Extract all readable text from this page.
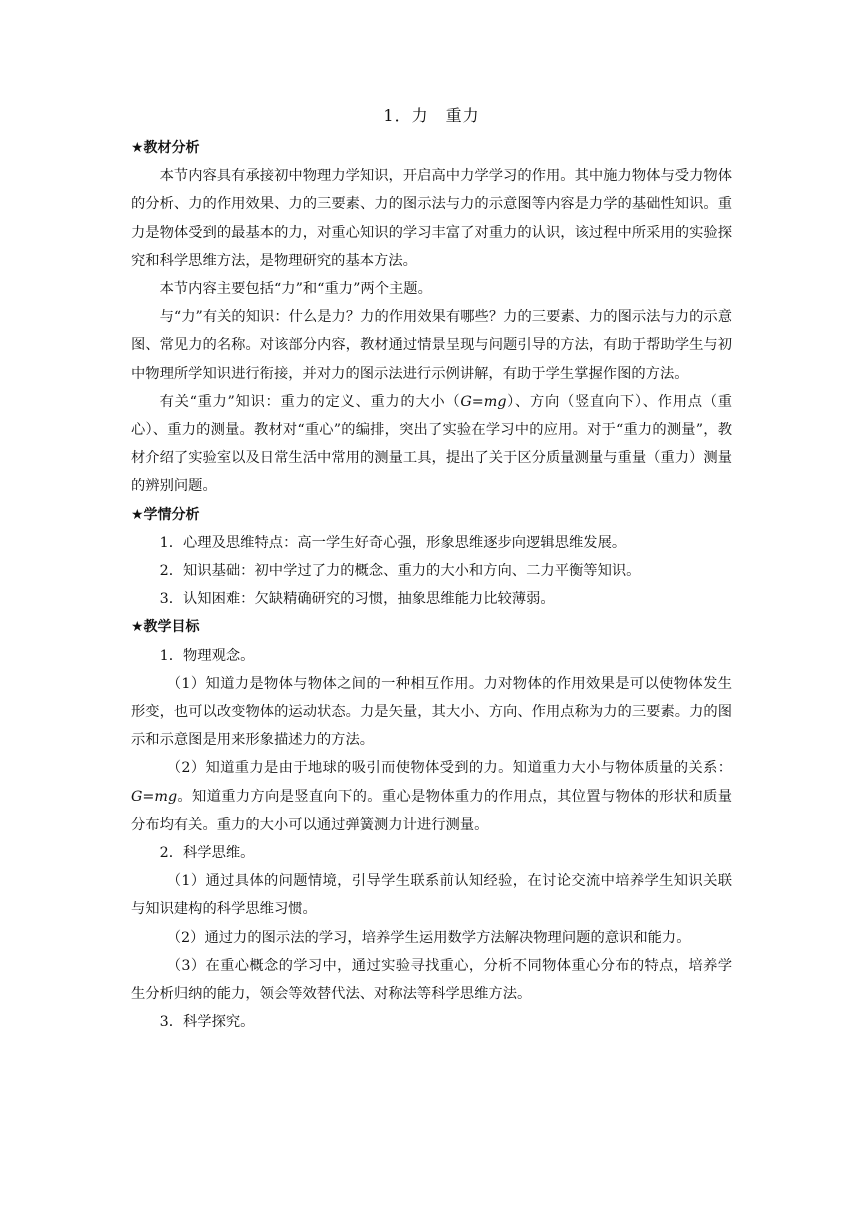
1．力　重力

★教材分析

本节内容具有承接初中物理力学知识，开启高中力学学习的作用。其中施力物体与受力物体的分析、力的作用效果、力的三要素、力的图示法与力的示意图等内容是力学的基础性知识。重力是物体受到的最基本的力，对重心知识的学习丰富了对重力的认识，该过程中所采用的实验探究和科学思维方法，是物理研究的基本方法。

本节内容主要包括“力”和“重力”两个主题。

与“力”有关的知识：什么是力？力的作用效果有哪些？力的三要素、力的图示法与力的示意图、常见力的名称。对该部分内容，教材通过情景呈现与问题引导的方法，有助于帮助学生与初中物理所学知识进行衔接，并对力的图示法进行示例讲解，有助于学生掌握作图的方法。

有关“重力”知识：重力的定义、重力的大小（G=mg）、方向（竖直向下）、作用点（重心）、重力的测量。教材对“重心”的编排，突出了实验在学习中的应用。对于“重力的测量”，教材介绍了实验室以及日常生活中常用的测量工具，提出了关于区分质量测量与重量（重力）测量的辨别问题。

★学情分析

1．心理及思维特点：高一学生好奇心强，形象思维逐步向逻辑思维发展。

2．知识基础：初中学过了力的概念、重力的大小和方向、二力平衡等知识。

3．认知困难：欠缺精确研究的习惯，抽象思维能力比较薄弱。

★教学目标

1．物理观念。

（1）知道力是物体与物体之间的一种相互作用。力对物体的作用效果是可以使物体发生形变，也可以改变物体的运动状态。力是矢量，其大小、方向、作用点称为力的三要素。力的图示和示意图是用来形象描述力的方法。

（2）知道重力是由于地球的吸引而使物体受到的力。知道重力大小与物体质量的关系：G=mg。知道重力方向是竖直向下的。重心是物体重力的作用点，其位置与物体的形状和质量分布均有关。重力的大小可以通过弹簧测力计进行测量。

2．科学思维。

（1）通过具体的问题情境，引导学生联系前认知经验，在讨论交流中培养学生知识关联与知识建构的科学思维习惯。

（2）通过力的图示法的学习，培养学生运用数学方法解决物理问题的意识和能力。

（3）在重心概念的学习中，通过实验寻找重心，分析不同物体重心分布的特点，培养学生分析归纳的能力，领会等效替代法、对称法等科学思维方法。

3．科学探究。
